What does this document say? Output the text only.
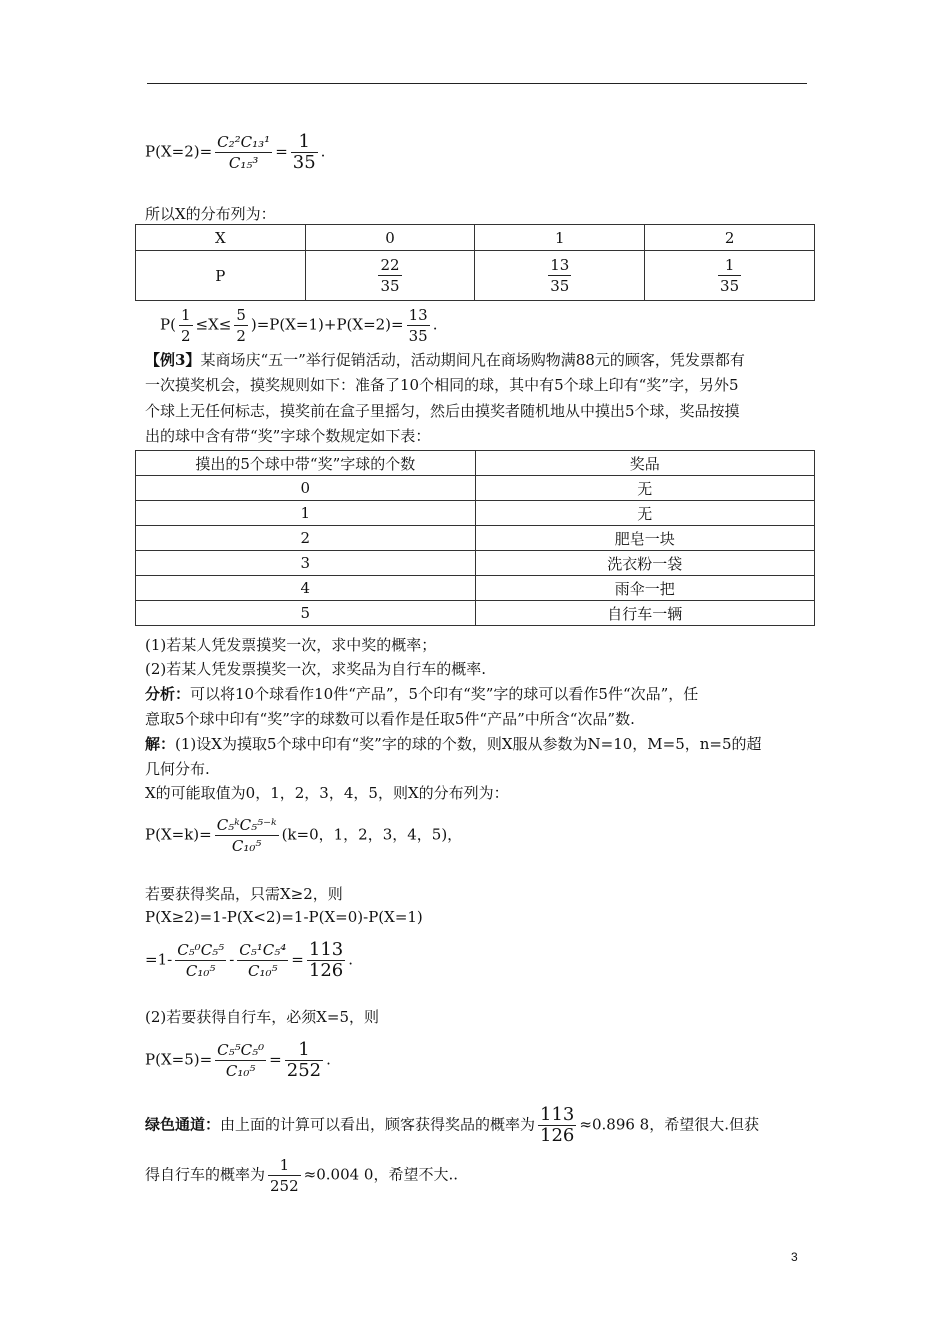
$P(X=2)= \frac{\text{C₂²C₁₃¹}}{\text{C₁₅³}} = \frac{1}{35}$ .
所以X的分布列为：
X	0	1	2
P	$\frac{22}{35}$	$\frac{13}{35}$	$\frac{1}{35}$
$P( \frac{1}{2} \le X\le \frac{5}{2} )=P(X=1)+P(X=2)= \frac{13}{35}$ .
【例3】某商场庆“五一”举行促销活动，活动期间凡在商场购物满88元的顾客，凭发票都有
一次摸奖机会，摸奖规则如下：准备了10个相同的球，其中有5个球上印有“奖”字，另外5
个球上无任何标志，摸奖前在盒子里摇匀，然后由摸奖者随机地从中摸出5个球，奖品按摸
出的球中含有带“奖”字球个数规定如下表：
摸出的5个球中带“奖”字球的个数	奖品
0	无
1	无
2	肥皂一块
3	洗衣粉一袋
4	雨伞一把
5	自行车一辆
(1)若某人凭发票摸奖一次，求中奖的概率；
(2)若某人凭发票摸奖一次，求奖品为自行车的概率.
分析：可以将10个球看作10件“产品”，5个印有“奖”字的球可以看作5件“次品”，任
意取5个球中印有“奖”字的球数可以看作是任取5件“产品”中所含“次品”数.
解：(1)设X为摸取5个球中印有“奖”字的球的个数，则X服从参数为N=10，M=5，n=5的超
几何分布.
X的可能取值为0，1，2，3，4，5，则X的分布列为：
$P(X=k)= \frac{\text{C₅ᵏC₅⁵⁻ᵏ}}{\text{C₁₀⁵}} (k=0$，1，2，3，4，5)，
若要获得奖品，只需X≥2，则
P(X≥2)=1-P(X<2)=1-P(X=0)-P(X=1)
$=1- \frac{\text{C₅⁰C₅⁵}}{\text{C₁₀⁵}} - \frac{\text{C₅¹C₅⁴}}{\text{C₁₀⁵}} = \frac{113}{126}$ .
(2)若要获得自行车，必须X=5，则
$P(X=5)= \frac{\text{C₅⁵C₅⁰}}{\text{C₁₀⁵}} = \frac{1}{252}$ .
绿色通道：由上面的计算可以看出，顾客获得奖品的概率为 $\frac{113}{126} \approx 0.896$ 8，希望很大.但获
得自行车的概率为 $\frac{1}{252} \approx 0.004$ 0，希望不大..
3
